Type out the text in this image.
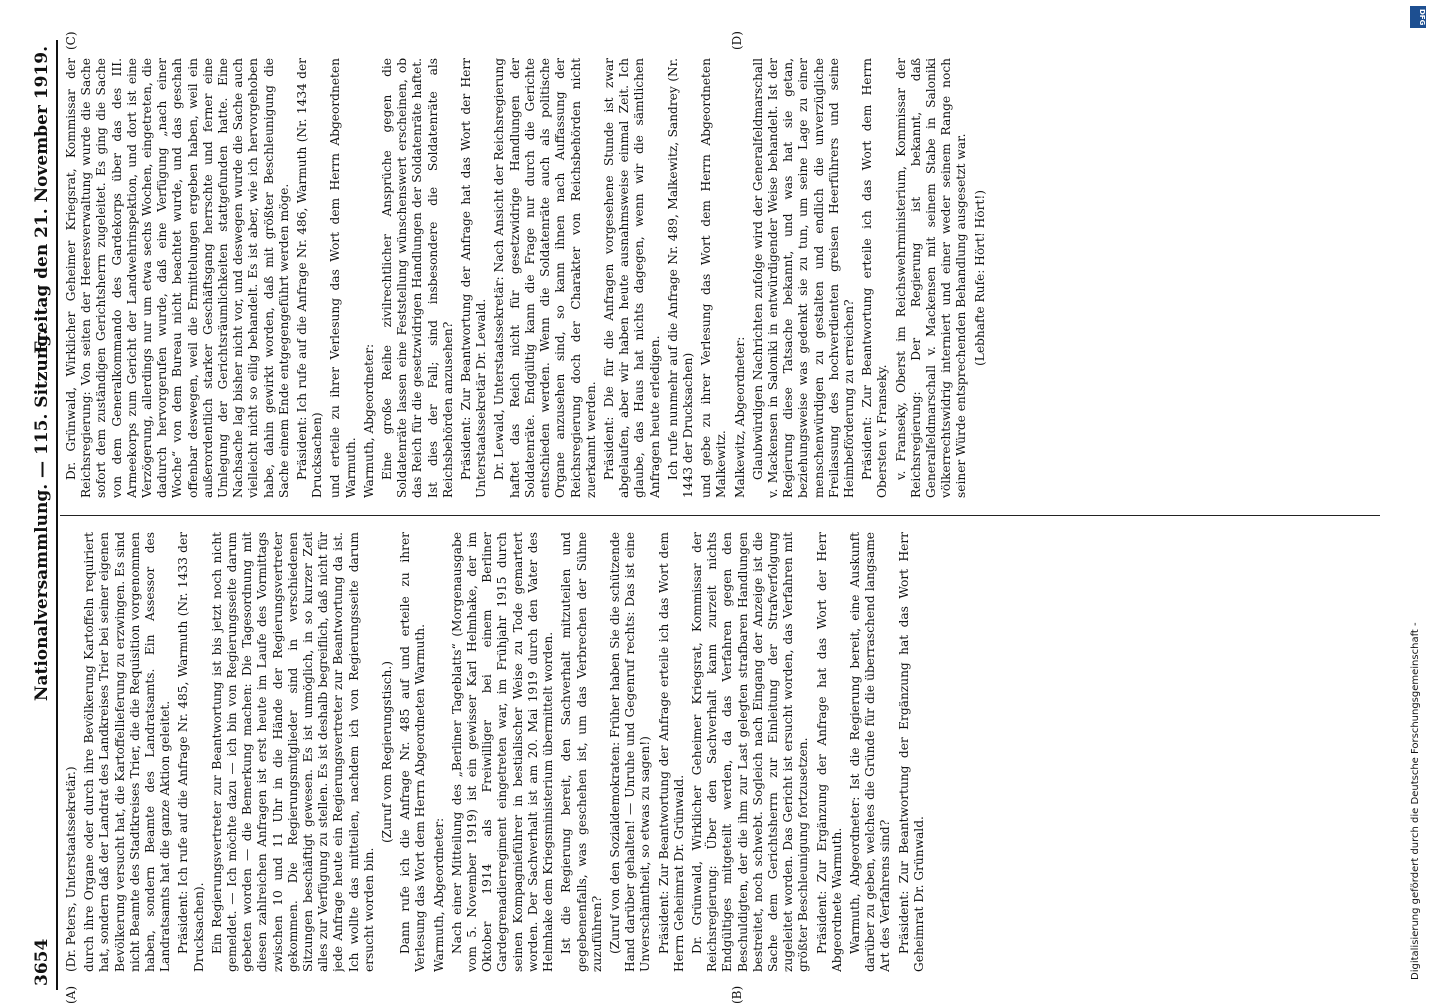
3654
Nationalversammlung. — 115. Sitzung.
Freitag den 21. November 1919.
(A)	(B)
(C)	(D)

(Dr. Peters, Unterstaatssekretär.) durch ihre Organe oder durch ihre Bevölkerung Kartoffeln requiriert hat, sondern daß der Landrat des Landkreises Trier bei seiner eigenen Bevölkerung versucht hat, die Kartoffellieferung zu erzwingen. Es sind nicht Beamte des Stadtkreises Trier, die die Requisition vorgenommen haben, sondern Beamte des Landratsamts. Ein Assessor des Landratsamts hat die ganze Aktion geleitet. Präsident: Ich rufe auf die Anfrage Nr. 485, Warmuth (Nr. 1433 der Drucksachen). Ein Regierungsvertreter zur Beantwortung ist bis jetzt noch nicht gemeldet. — Ich möchte dazu — ich bin von Regierungsseite darum gebeten worden — die Bemerkung machen: Die Tagesordnung mit diesen zahlreichen Anfragen ist erst heute im Laufe des Vormittags zwischen 10 und 11 Uhr in die Hände der Regierungsvertreter gekommen. Die Regierungsmitglieder sind in verschiedenen Sitzungen beschäftigt gewesen. Es ist unmöglich, in so kurzer Zeit alles zur Verfügung zu stellen. Es ist deshalb begreiflich, daß nicht für jede Anfrage heute ein Regierungsvertreter zur Beantwortung da ist. Ich wollte das mitteilen, nachdem ich von Regierungsseite darum ersucht worden bin.

(Zuruf vom Regierungstisch.) Dann rufe ich die Anfrage Nr. 485 auf und erteile zu ihrer Verlesung das Wort dem Herrn Abgeordneten Warmuth. Warmuth, Abgeordneter: Nach einer Mitteilung des „Berliner Tageblatts“ (Morgenausgabe vom 5. November 1919) ist ein gewisser Karl Helmhake, der im Oktober 1914 als Freiwilliger bei einem Berliner Gardegrenadierregiment eingetreten war, im Frühjahr 1915 durch seinen Kompagnieführer in bestialischer Weise zu Tode gemartert worden. Der Sachverhalt ist am 20. Mai 1919 durch den Vater des Helmhake dem Kriegsministerium übermittelt worden. Ist die Regierung bereit, den Sachverhalt mitzuteilen und gegebenenfalls, was geschehen ist, um das Verbrechen der Sühne zuzuführen? (Zuruf von den Sozialdemokraten: Früher haben Sie die schützende Hand darüber gehalten! — Unruhe und Gegenruf rechts: Das ist eine Unverschämtheit, so etwas zu sagen!) Präsident: Zur Beantwortung der Anfrage erteile ich das Wort dem Herrn Geheimrat Dr. Grünwald. Dr. Grünwald, Wirklicher Geheimer Kriegsrat, Kommissar der Reichsregierung: Über den Sachverhalt kann zurzeit nichts Endgültiges mitgeteilt werden, da das Verfahren gegen den Beschuldigten, der die ihm zur Last gelegten strafbaren Handlungen bestreitet, noch schwebt. Sogleich nach Eingang der Anzeige ist die Sache dem Gerichtsherrn zur Einleitung der Strafverfolgung zugeleitet worden. Das Gericht ist ersucht worden, das Verfahren mit größter Beschleunigung fortzusetzen. Präsident: Zur Ergänzung der Anfrage hat das Wort der Herr Abgeordnete Warmuth. Warmuth, Abgeordneter: Ist die Regierung bereit, eine Auskunft darüber zu geben, welches die Gründe für die überraschend langsame Art des Verfahrens sind? Präsident: Zur Beantwortung der Ergänzung hat das Wort Herr Geheimrat Dr. Grünwald.

Dr. Grünwald, Wirklicher Geheimer Kriegsrat, Kommissar der Reichsregierung: Von seiten der Heeresverwaltung wurde die Sache sofort dem zuständigen Gerichtsherrn zugeleitet. Es ging die Sache von dem Generalkommando des Gardekorps über das des III. Armeekorps zum Gericht der Landwehrinspektion, und dort ist eine Verzögerung, allerdings nur um etwa sechs Wochen, eingetreten, die dadurch hervorgerufen wurde, daß eine Verfügung „nach einer Woche“ von dem Bureau nicht beachtet wurde, und das geschah offenbar deswegen, weil die Ermittelungen ergeben haben, weil ein außerordentlich starker Geschäftsgang herrschte und ferner eine Umlegung der Gerichtsräumlichkeiten stattgefunden hatte. Eine Nachsache lag bisher nicht vor, und deswegen wurde die Sache auch vielleicht nicht so eilig behandelt. Es ist aber, wie ich hervorgehoben habe, dahin gewirkt worden, daß mit größter Beschleunigung die Sache einem Ende entgegengeführt werden möge. Präsident: Ich rufe auf die Anfrage Nr. 486, Warmuth (Nr. 1434 der Drucksachen) und erteile zu ihrer Verlesung das Wort dem Herrn Abgeordneten Warmuth. Warmuth, Abgeordneter: Eine große Reihe zivilrechtlicher Ansprüche gegen die Soldatenräte lassen eine Feststellung wünschenswert erscheinen, ob das Reich für die gesetzwidrigen Handlungen der Soldatenräte haftet. Ist dies der Fall; sind insbesondere die Soldatenräte als Reichsbehörden anzusehen? Präsident: Zur Beantwortung der Anfrage hat das Wort der Herr Unterstaatssekretär Dr. Lewald. Dr. Lewald, Unterstaatssekretär: Nach Ansicht der Reichsregierung haftet das Reich nicht für gesetzwidrige Handlungen der Soldatenräte. Endgültig kann die Frage nur durch die Gerichte entschieden werden. Wenn die Soldatenräte auch als politische Organe anzusehen sind, so kann ihnen nach Auffassung der Reichsregierung doch der Charakter von Reichsbehörden nicht zuerkannt werden. Präsident: Die für die Anfragen vorgesehene Stunde ist zwar abgelaufen, aber wir haben heute ausnahmsweise einmal Zeit. Ich glaube, das Haus hat nichts dagegen, wenn wir die sämtlichen Anfragen heute erledigen. Ich rufe nunmehr auf die Anfrage Nr. 489, Malkewitz, Sandrey (Nr. 1443 der Drucksachen) und gebe zu ihrer Verlesung das Wort dem Herrn Abgeordneten Malkewitz. Malkewitz, Abgeordneter: Glaubwürdigen Nachrichten zufolge wird der Generalfeldmarschall v. Mackensen in Saloniki in entwürdigender Weise behandelt. Ist der Regierung diese Tatsache bekannt, und was hat sie getan, beziehungsweise was gedenkt sie zu tun, um seine Lage zu einer menschenwürdigen zu gestalten und endlich die unverzügliche Freilassung des hochverdienten greisen Heerführers und seine Heimbeförderung zu erreichen? Präsident: Zur Beantwortung erteile ich das Wort dem Herrn Obersten v. Franseky. v. Franseky, Oberst im Reichswehrministerium, Kommissar der Reichsregierung: Der Regierung ist bekannt, daß Generalfeldmarschall v. Mackensen mit seinem Stabe in Saloniki völkerrechtswidrig interniert und einer weder seinem Range noch seiner Würde entsprechenden Behandlung ausgesetzt war. (Lebhafte Rufe: Hört! Hört!)

Digitalisierung gefördert durch die Deutsche Forschungsgemeinschaft -
DFG
